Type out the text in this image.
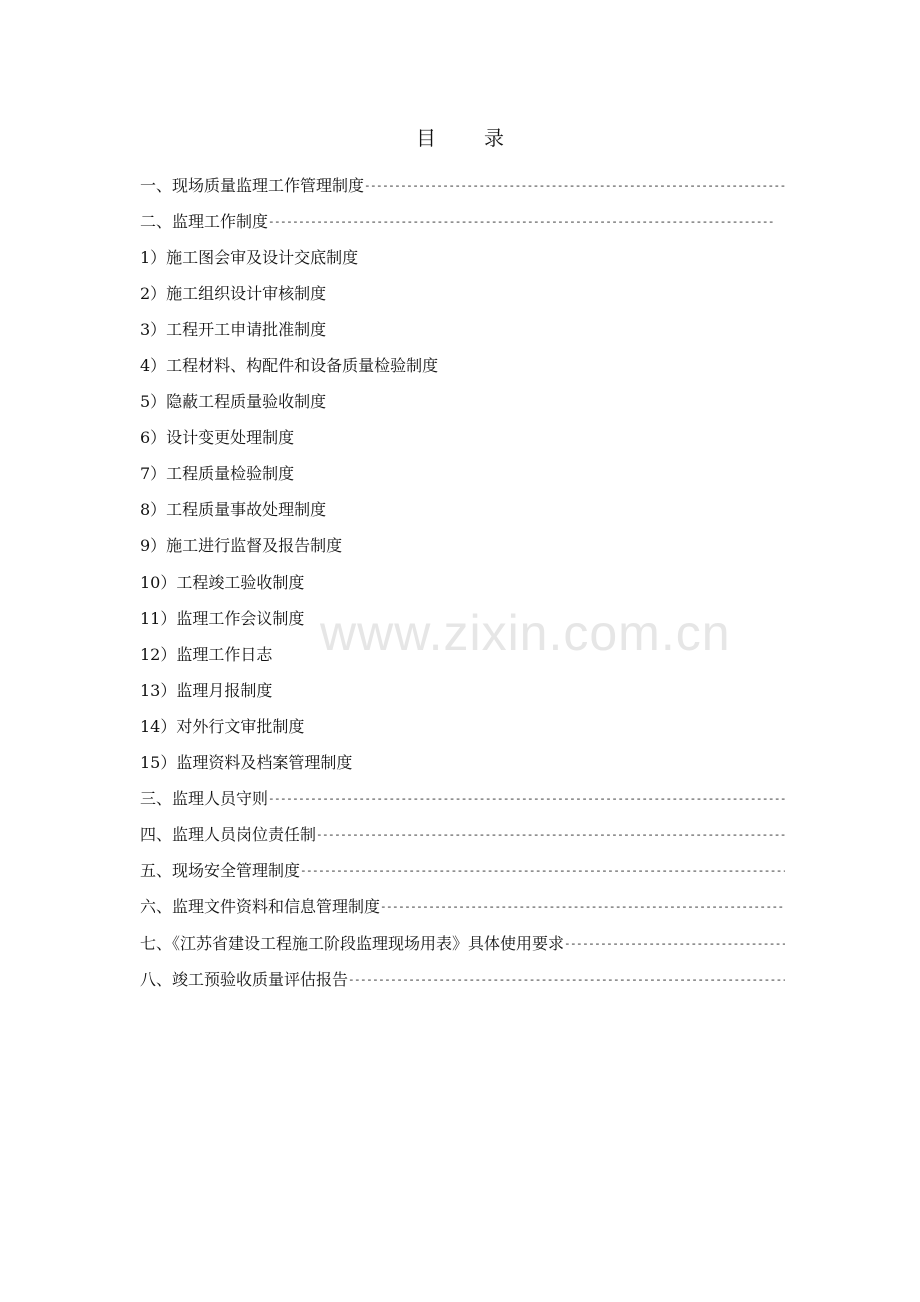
目　录
一、现场质量监理工作管理制度
-----
二、监理工作制度
-----
1）施工图会审及设计交底制度
2）施工组织设计审核制度
3）工程开工申请批准制度
4）工程材料、构配件和设备质量检验制度
5）隐蔽工程质量验收制度
6）设计变更处理制度
7）工程质量检验制度
8）工程质量事故处理制度
9）施工进行监督及报告制度
10）工程竣工验收制度
11）监理工作会议制度
12）监理工作日志
13）监理月报制度
14）对外行文审批制度
15）监理资料及档案管理制度
三、监理人员守则
-----
四、监理人员岗位责任制
-----
五、现场安全管理制度
-----
六、监理文件资料和信息管理制度
-----
七、《江苏省建设工程施工阶段监理现场用表》具体使用要求
-----
八、竣工预验收质量评估报告
-----
www.zixin.com.cn
